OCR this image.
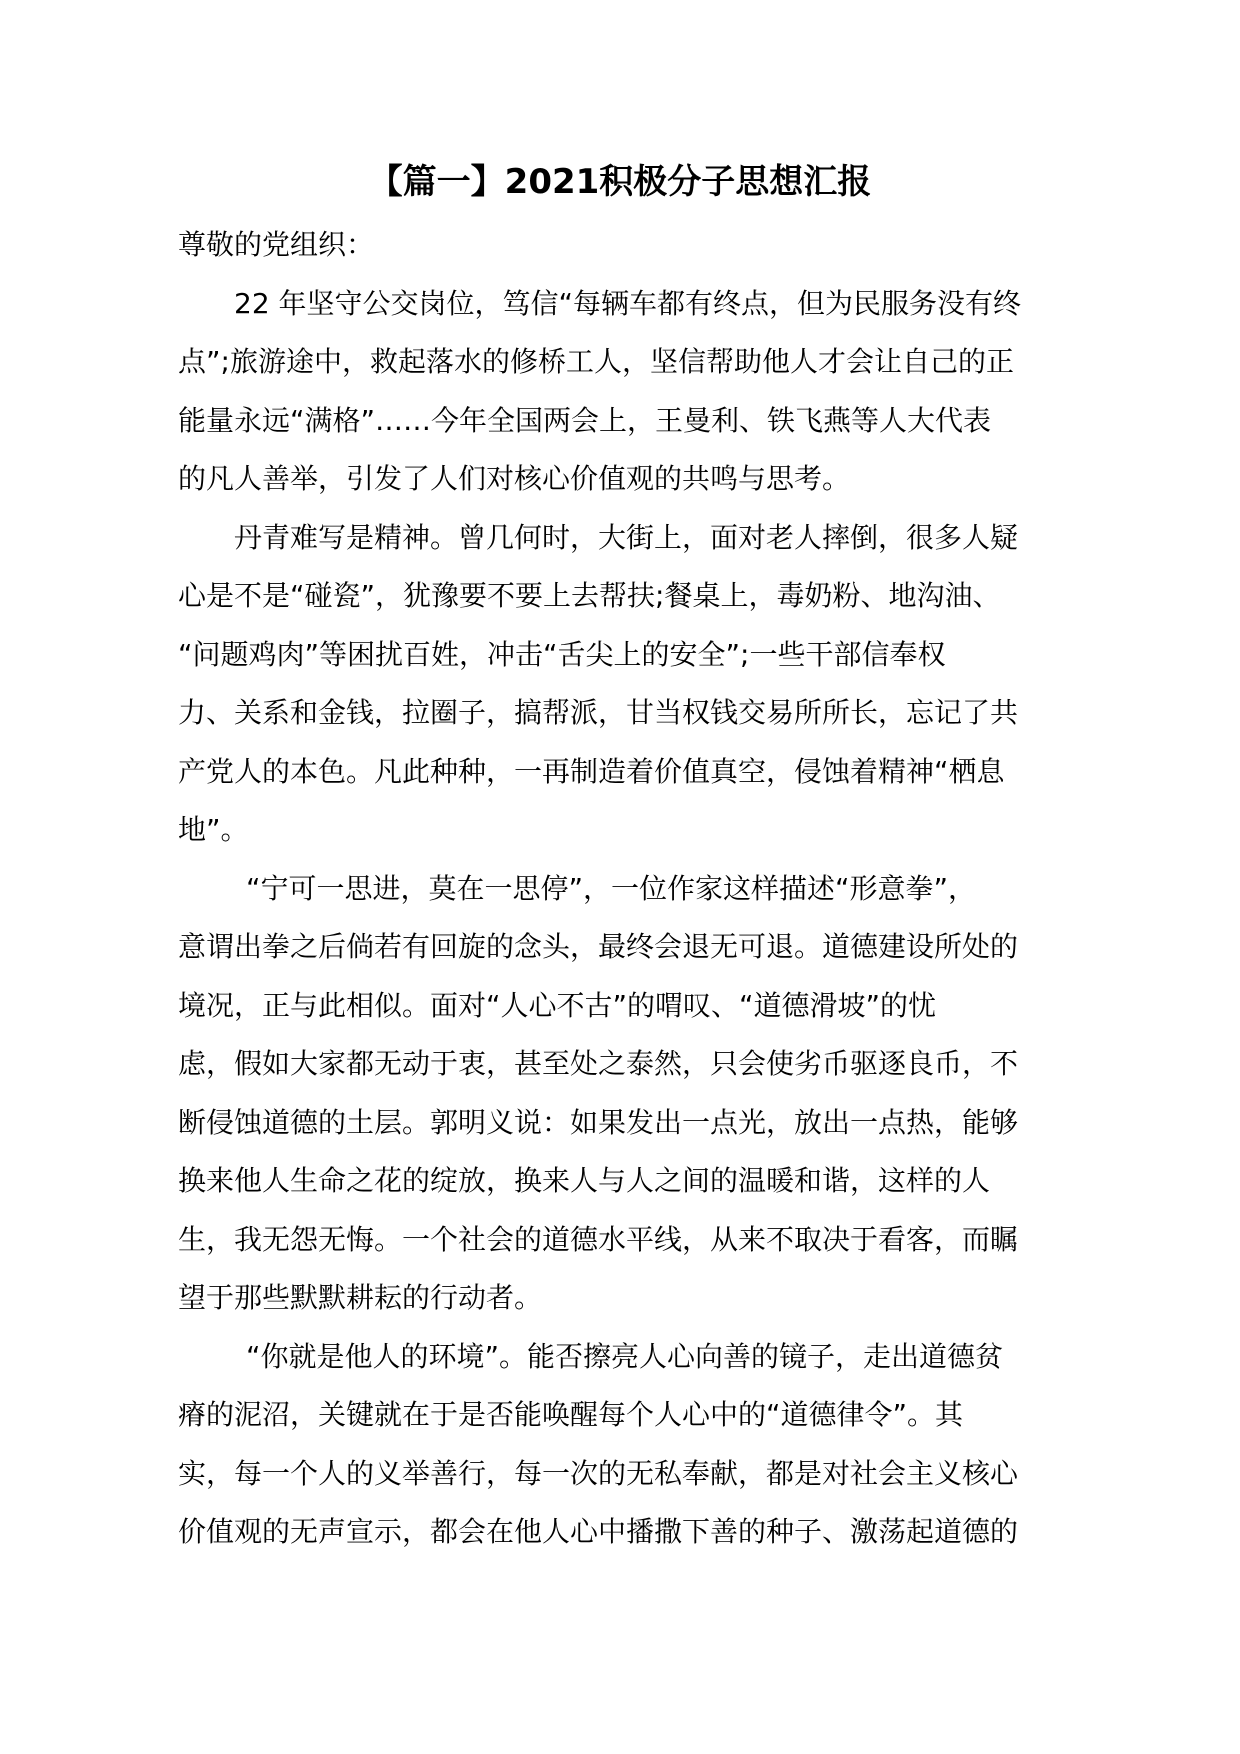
【篇一】2021积极分子思想汇报

尊敬的党组织：

22 年坚守公交岗位，笃信“每辆车都有终点，但为民服务没有终
点”;旅游途中，救起落水的修桥工人，坚信帮助他人才会让自己的正
能量永远“满格”……今年全国两会上，王曼利、铁飞燕等人大代表
的凡人善举，引发了人们对核心价值观的共鸣与思考。
丹青难写是精神。曾几何时，大街上，面对老人摔倒，很多人疑
心是不是“碰瓷”，犹豫要不要上去帮扶;餐桌上，毒奶粉、地沟油、
“问题鸡肉”等困扰百姓，冲击“舌尖上的安全”;一些干部信奉权
力、关系和金钱，拉圈子，搞帮派，甘当权钱交易所所长，忘记了共
产党人的本色。凡此种种，一再制造着价值真空，侵蚀着精神“栖息
地”。
“宁可一思进，莫在一思停”，一位作家这样描述“形意拳”，
意谓出拳之后倘若有回旋的念头，最终会退无可退。道德建设所处的
境况，正与此相似。面对“人心不古”的喟叹、“道德滑坡”的忧
虑，假如大家都无动于衷，甚至处之泰然，只会使劣币驱逐良币，不
断侵蚀道德的土层。郭明义说：如果发出一点光，放出一点热，能够
换来他人生命之花的绽放，换来人与人之间的温暖和谐，这样的人
生，我无怨无悔。一个社会的道德水平线，从来不取决于看客，而瞩
望于那些默默耕耘的行动者。
“你就是他人的环境”。能否擦亮人心向善的镜子，走出道德贫
瘠的泥沼，关键就在于是否能唤醒每个人心中的“道德律令”。其
实，每一个人的义举善行，每一次的无私奉献，都是对社会主义核心
价值观的无声宣示，都会在他人心中播撒下善的种子、激荡起道德的
